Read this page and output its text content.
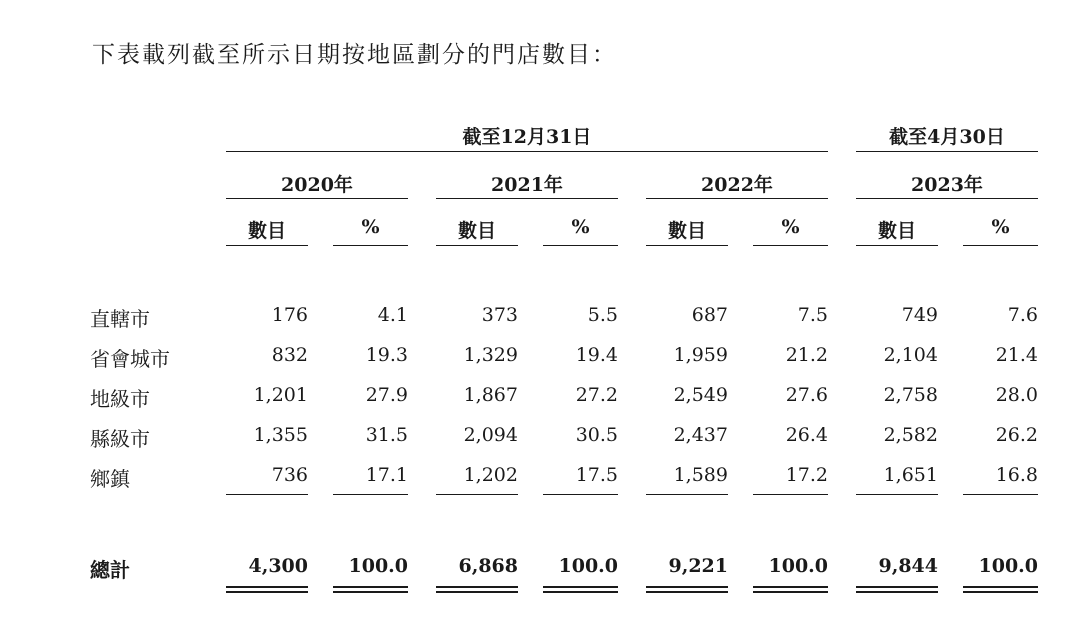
下表載列截至所示日期按地區劃分的門店數目：
截至12月31日	截至4月30日
2020年	2021年	2022年	2023年
數目	%	數目	%	數目	%	數目	%
直轄市	176	4.1	373	5.5	687	7.5	749	7.6
省會城市	832	19.3	1,329	19.4	1,959	21.2	2,104	21.4
地級市	1,201	27.9	1,867	27.2	2,549	27.6	2,758	28.0
縣級市	1,355	31.5	2,094	30.5	2,437	26.4	2,582	26.2
鄉鎮	736	17.1	1,202	17.5	1,589	17.2	1,651	16.8
總計	4,300 100.0	6,868 100.0	9,221 100.0	9,844 100.0
